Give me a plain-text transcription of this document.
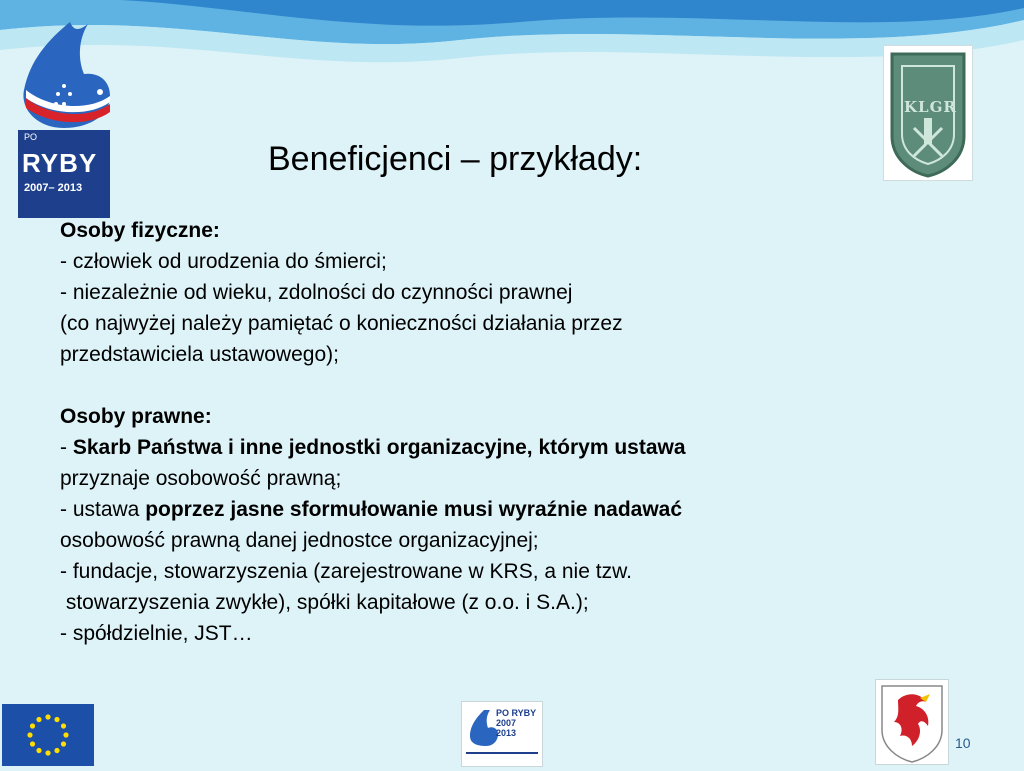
PO
RYBY
2007– 2013
KLGR
Beneficjenci – przykłady:
Osoby fizyczne:
- człowiek od urodzenia do śmierci;
- niezależnie od wieku, zdolności do czynności prawnej
(co najwyżej należy pamiętać o konieczności działania przez
przedstawiciela ustawowego);
Osoby prawne:
- Skarb Państwa i inne jednostki organizacyjne, którym ustawa
przyznaje osobowość prawną;
- ustawa poprzez jasne sformułowanie musi wyraźnie nadawać
osobowość prawną danej jednostce organizacyjnej;
- fundacje, stowarzyszenia (zarejestrowane w KRS, a nie tzw.
stowarzyszenia zwykłe), spółki kapitałowe (z o.o. i S.A.);
- spółdzielnie, JST…
PO RYBY
2007
2013
10
